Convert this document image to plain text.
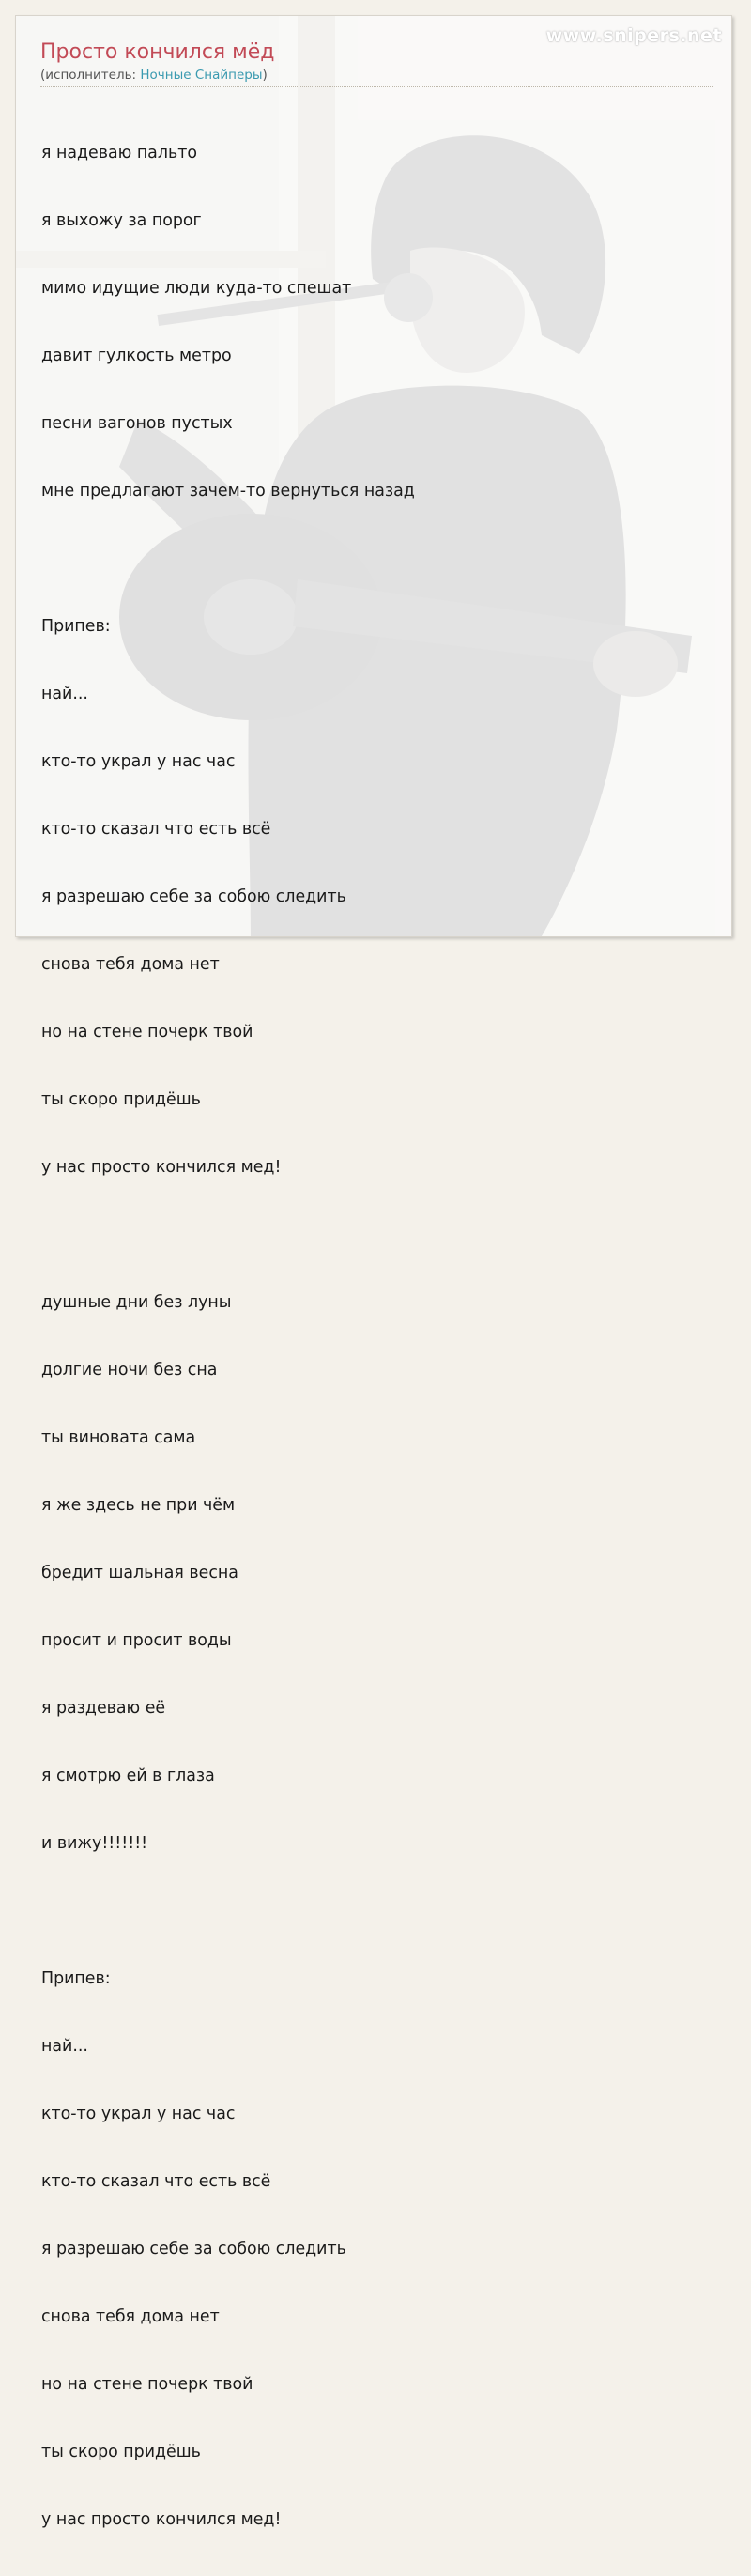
www.snipers.net
Просто кончился мёд
(исполнитель: Ночные Снайперы)

я надеваю пальто

я выхожу за порог

мимо идущие люди куда-то спешат

давит гулкость метро

песни вагонов пустых

мне предлагают зачем-то вернуться назад

Припев:

най...

кто-то украл у нас час

кто-то сказал что есть всё

я разрешаю себе за собою следить

снова тебя дома нет

но на стене почерк твой

ты скоро придёшь

у нас просто кончился мед!

душные дни без луны

долгие ночи без сна

ты виновата сама

я же здесь не при чём

бредит шальная весна

просит и просит воды

я раздеваю её

я смотрю ей в глаза

и вижу!!!!!!!

Припев:

най...

кто-то украл у нас час

кто-то сказал что есть всё

я разрешаю себе за собою следить

снова тебя дома нет

но на стене почерк твой

ты скоро придёшь

у нас просто кончился мед!
